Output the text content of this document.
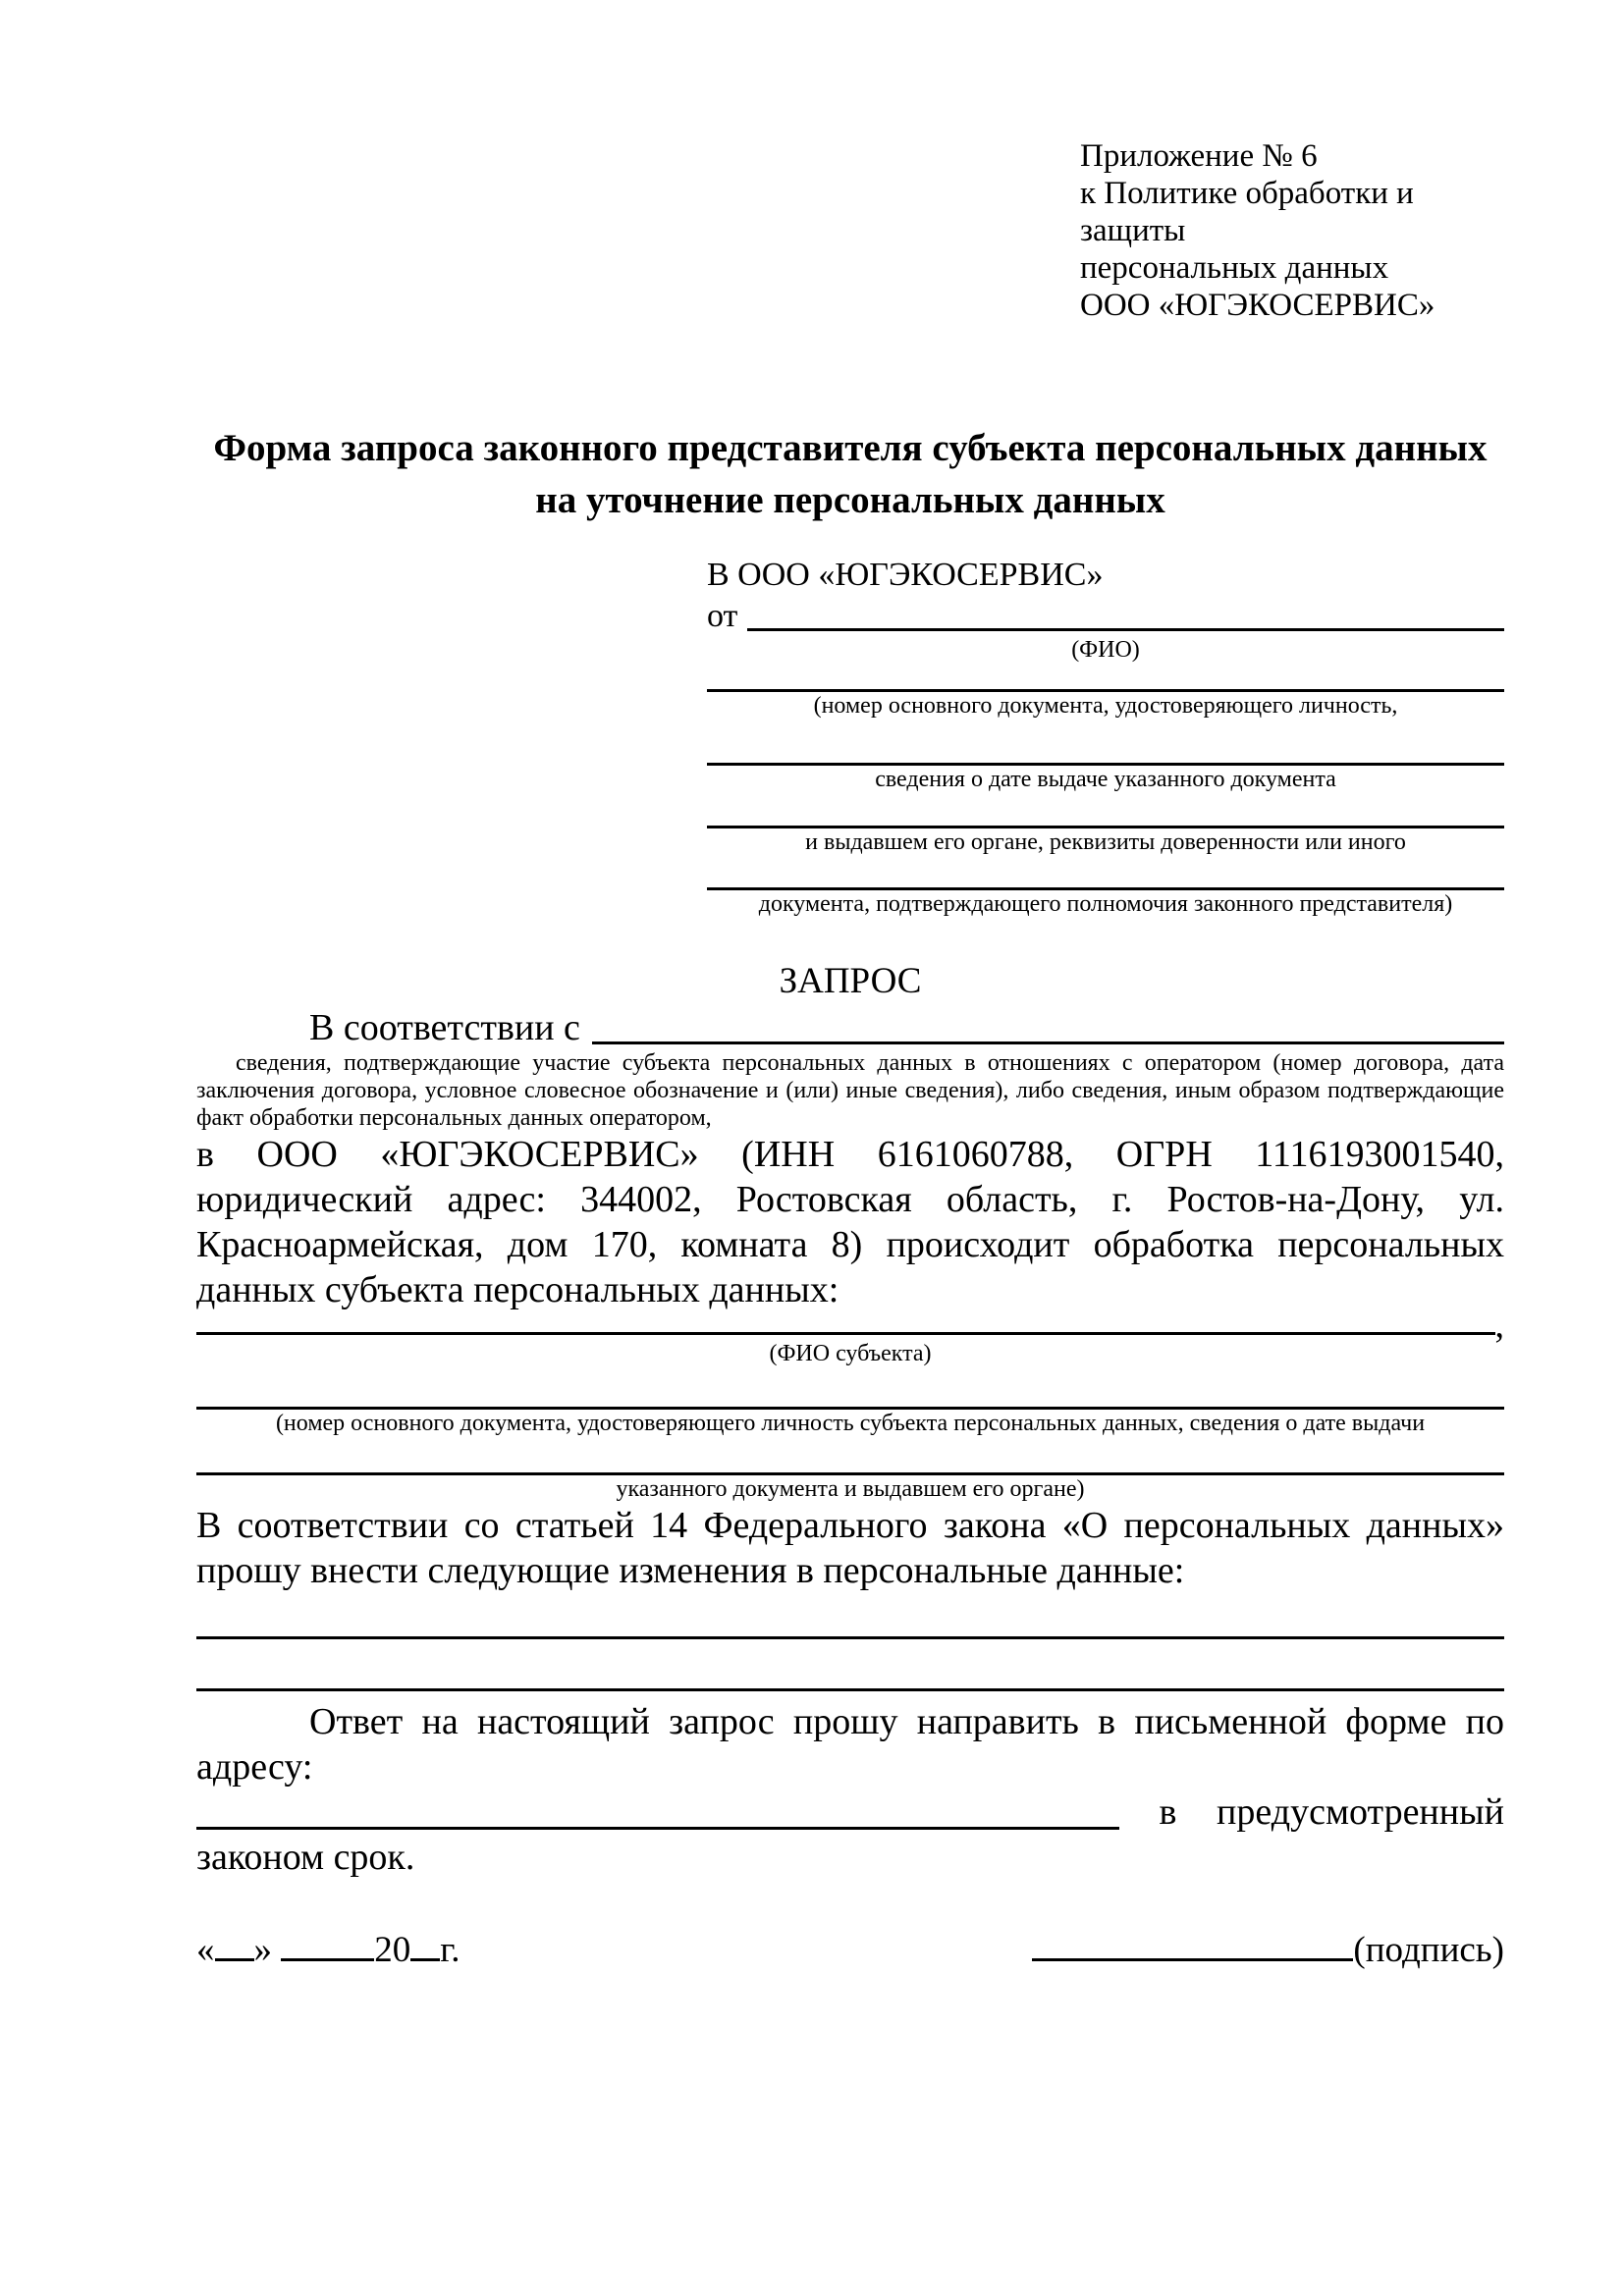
Приложение № 6
к Политике обработки и защиты
персональных данных
ООО «ЮГЭКОСЕРВИС»
Форма запроса законного представителя субъекта персональных данных
на уточнение персональных данных
В ООО «ЮГЭКОСЕРВИС»
от
(ФИО)
(номер основного документа, удостоверяющего личность,
сведения о дате выдаче указанного документа
и выдавшем его органе, реквизиты доверенности или иного
документа, подтверждающего полномочия законного представителя)
ЗАПРОС
В соответствии с
сведения, подтверждающие участие субъекта персональных данных в отношениях с оператором (номер договора, дата заключения договора, условное словесное обозначение и (или) иные сведения), либо сведения, иным образом подтверждающие факт обработки персональных данных оператором,
в ООО «ЮГЭКОСЕРВИС» (ИНН 6161060788, ОГРН 1116193001540, юридический адрес: 344002, Ростовская область, г. Ростов-на-Дону, ул. Красноармейская, дом 170, комната 8) происходит обработка персональных данных субъекта персональных данных:
,
(ФИО субъекта)
(номер основного документа, удостоверяющего личность субъекта персональных данных, сведения о дате выдачи
указанного документа и выдавшем его органе)
В соответствии со статьей 14 Федерального закона «О персональных данных» прошу внести следующие изменения в персональные данные:
Ответ на настоящий запрос прошу направить в письменной форме по адресу:
в предусмотренный
законом срок.
« »	20 г.	(подпись)
